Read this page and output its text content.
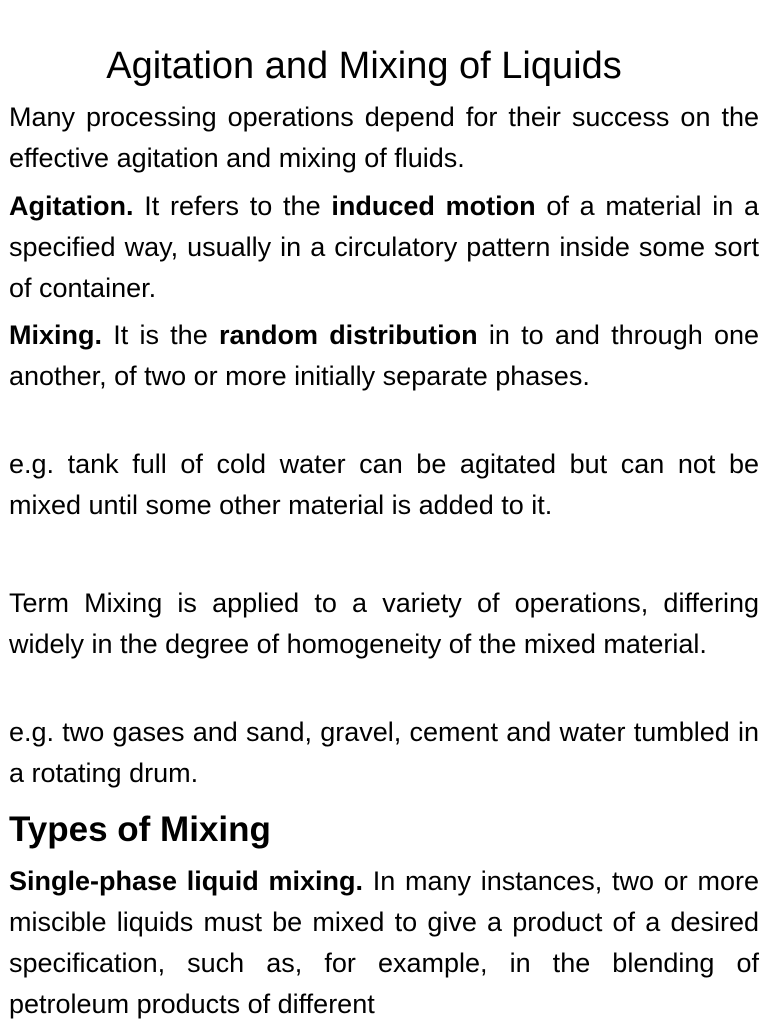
Agitation and Mixing of Liquids

Many processing operations depend for their success on the effective agitation and mixing of fluids.

Agitation. It refers to the induced motion of a material in a specified way, usually in a circulatory pattern inside some sort of container.

Mixing. It is the random distribution in to and through one another, of two or more initially separate phases.

e.g. tank full of cold water can be agitated but can not be mixed until some other material is added to it.

Term Mixing is applied to a variety of operations, differing widely in the degree of homogeneity of the mixed material.

e.g. two gases and sand, gravel, cement and water tumbled in a rotating drum.

Types of Mixing

Single-phase liquid mixing. In many instances, two or more miscible liquids must be mixed to give a product of a desired specification, such as, for example, in the blending of petroleum products of different
